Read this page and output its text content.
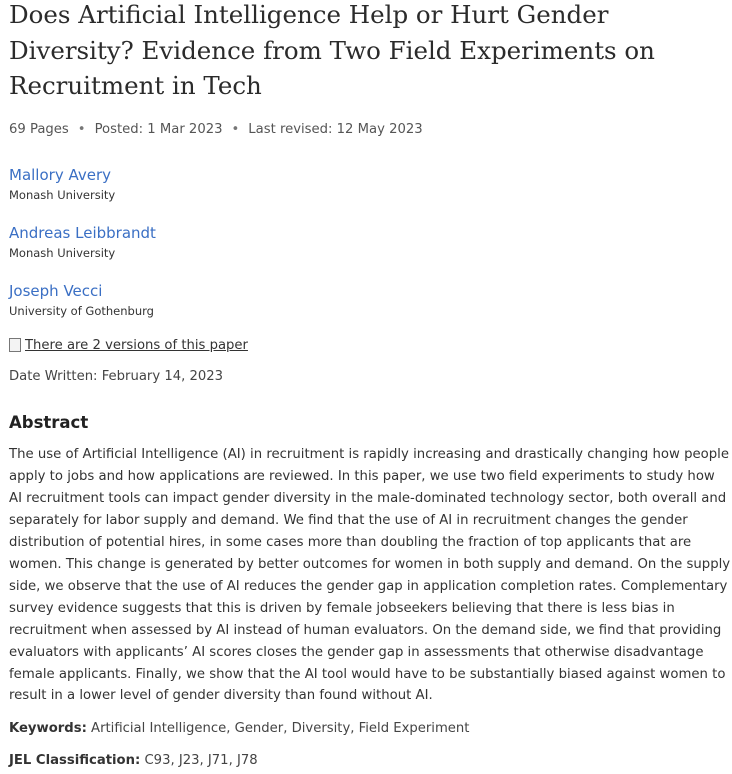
Does Artificial Intelligence Help or Hurt Gender Diversity? Evidence from Two Field Experiments on Recruitment in Tech
69 Pages • Posted: 1 Mar 2023 • Last revised: 12 May 2023
Mallory Avery
Monash University
Andreas Leibbrandt
Monash University
Joseph Vecci
University of Gothenburg
There are 2 versions of this paper
Date Written: February 14, 2023
Abstract

The use of Artificial Intelligence (AI) in recruitment is rapidly increasing and drastically changing how people apply to jobs and how applications are reviewed. In this paper, we use two field experiments to study how AI recruitment tools can impact gender diversity in the male-dominated technology sector, both overall and separately for labor supply and demand. We find that the use of AI in recruitment changes the gender distribution of potential hires, in some cases more than doubling the fraction of top applicants that are women. This change is generated by better outcomes for women in both supply and demand. On the supply side, we observe that the use of AI reduces the gender gap in application completion rates. Complementary survey evidence suggests that this is driven by female jobseekers believing that there is less bias in recruitment when assessed by AI instead of human evaluators. On the demand side, we find that providing evaluators with applicants’ AI scores closes the gender gap in assessments that otherwise disadvantage female applicants. Finally, we show that the AI tool would have to be substantially biased against women to result in a lower level of gender diversity than found without AI.

Keywords: Artificial Intelligence, Gender, Diversity, Field Experiment
JEL Classification: C93, J23, J71, J78
